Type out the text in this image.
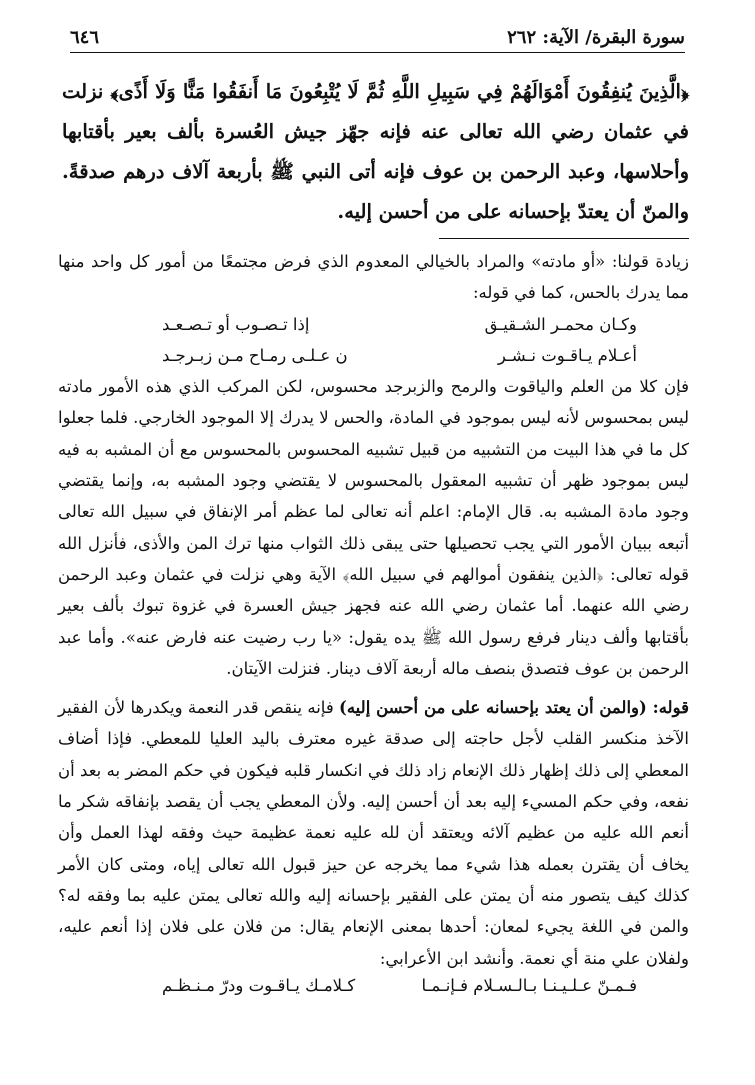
سورة البقرة/ الآية: ٢٦٢
٦٤٦
﴿الَّذِينَ يُنفِقُونَ أَمْوَالَهُمْ فِي سَبِيلِ اللَّهِ ثُمَّ لَا يُتْبِعُونَ مَا أَنفَقُوا مَنًّا وَلَا أَذًى﴾ نزلت في عثمان رضي الله تعالى عنه فإنه جهّز جيش العُسرة بألف بعير بأقتابها وأحلاسها، وعبد الرحمن بن عوف فإنه أتى النبي ﷺ بأربعة آلاف درهم صدقةً. والمنّ أن يعتدّ بإحسانه على من أحسن إليه.

زيادة قولنا: «أو مادته» والمراد بالخيالي المعدوم الذي فرض مجتمعًا من أمور كل واحد منها مما يدرك بالحس، كما في قوله:

وكـان محمـر الشـقيـق
إذا تـصـوب أو تـصـعـد
أعـلام يـاقـوت نـشـر
ن عـلـى رمـاح مـن زبـرجـد

فإن كلا من العلم والياقوت والرمح والزبرجد محسوس، لكن المركب الذي هذه الأمور مادته ليس بمحسوس لأنه ليس بموجود في المادة، والحس لا يدرك إلا الموجود الخارجي. فلما جعلوا كل ما في هذا البيت من التشبيه من قبيل تشبيه المحسوس بالمحسوس مع أن المشبه به فيه ليس بموجود ظهر أن تشبيه المعقول بالمحسوس لا يقتضي وجود المشبه به، وإنما يقتضي وجود مادة المشبه به. قال الإمام: اعلم أنه تعالى لما عظم أمر الإنفاق في سبيل الله تعالى أتبعه ببيان الأمور التي يجب تحصيلها حتى يبقى ذلك الثواب منها ترك المن والأذى، فأنزل الله قوله تعالى: ﴿الذين ينفقون أموالهم في سبيل الله﴾ الآية وهي نزلت في عثمان وعبد الرحمن رضي الله عنهما. أما عثمان رضي الله عنه فجهز جيش العسرة في غزوة تبوك بألف بعير بأقتابها وألف دينار فرفع رسول الله ﷺ يده يقول: «يا رب رضيت عنه فارض عنه». وأما عبد الرحمن بن عوف فتصدق بنصف ماله أربعة آلاف دينار. فنزلت الآيتان.

قوله: (والمن أن يعتد بإحسانه على من أحسن إليه) فإنه ينقص قدر النعمة ويكدرها لأن الفقير الآخذ منكسر القلب لأجل حاجته إلى صدقة غيره معترف باليد العليا للمعطي. فإذا أضاف المعطي إلى ذلك إظهار ذلك الإنعام زاد ذلك في انكسار قلبه فيكون في حكم المضر به بعد أن نفعه، وفي حكم المسيء إليه بعد أن أحسن إليه. ولأن المعطي يجب أن يقصد بإنفاقه شكر ما أنعم الله عليه من عظيم آلائه ويعتقد أن لله عليه نعمة عظيمة حيث وفقه لهذا العمل وأن يخاف أن يقترن بعمله هذا شيء مما يخرجه عن حيز قبول الله تعالى إياه، ومتى كان الأمر كذلك كيف يتصور منه أن يمتن على الفقير بإحسانه إليه والله تعالى يمتن عليه بما وفقه له؟ والمن في اللغة يجيء لمعان: أحدها بمعنى الإنعام يقال: من فلان على فلان إذا أنعم عليه، ولفلان علي منة أي نعمة. وأنشد ابن الأعرابي:

فـمـنّ عـلـيـنـا بـالـسـلام فـإنـمـا
كـلامـك يـاقـوت ودرّ مـنـظـم
